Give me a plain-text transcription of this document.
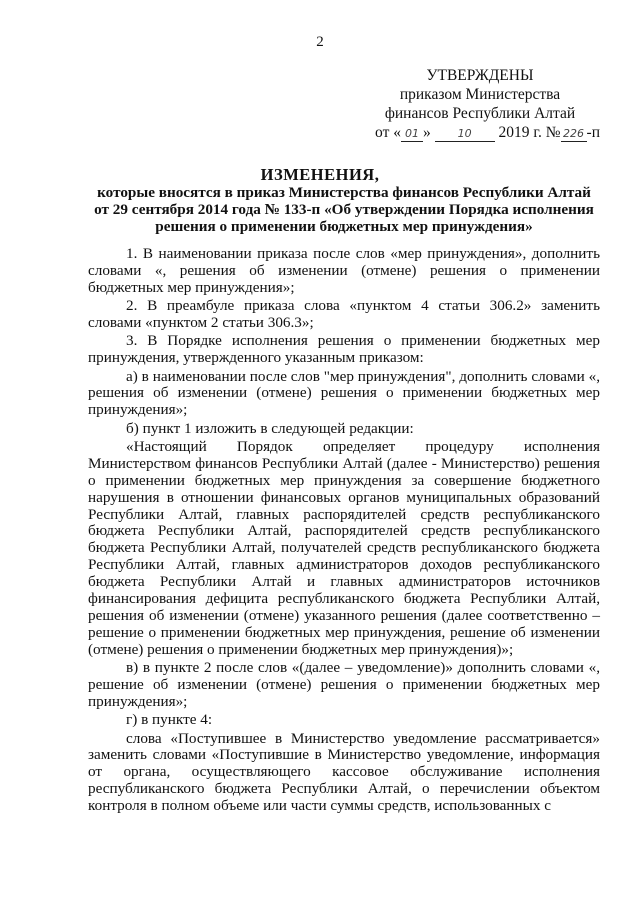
2
УТВЕРЖДЕНЫ
приказом Министерства
финансов Республики Алтай
от « 01 » 10 2019 г. № 226 -п
ИЗМЕНЕНИЯ,
которые вносятся в приказ Министерства финансов Республики Алтай
от 29 сентября 2014 года № 133-п «Об утверждении Порядка исполнения
решения о применении бюджетных мер принуждения»

1. В наименовании приказа после слов «мер принуждения», дополнить словами «, решения об изменении (отмене) решения о применении бюджетных мер принуждения»;

2. В преамбуле приказа слова «пунктом 4 статьи 306.2» заменить словами «пунктом 2 статьи 306.3»;

3. В Порядке исполнения решения о применении бюджетных мер принуждения, утвержденного указанным приказом:

а) в наименовании после слов "мер принуждения", дополнить словами «, решения об изменении (отмене) решения о применении бюджетных мер принуждения»;

б) пункт 1 изложить в следующей редакции:

«Настоящий Порядок определяет процедуру исполнения Министерством финансов Республики Алтай (далее - Министерство) решения о применении бюджетных мер принуждения за совершение бюджетного нарушения в отношении финансовых органов муниципальных образований Республики Алтай, главных распорядителей средств республиканского бюджета Республики Алтай, распорядителей средств республиканского бюджета Республики Алтай, получателей средств республиканского бюджета Республики Алтай, главных администраторов доходов республиканского бюджета Республики Алтай и главных администраторов источников финансирования дефицита республиканского бюджета Республики Алтай, решения об изменении (отмене) указанного решения (далее соответственно – решение о применении бюджетных мер принуждения, решение об изменении (отмене) решения о применении бюджетных мер принуждения)»;

в) в пункте 2 после слов «(далее – уведомление)» дополнить словами «, решение об изменении (отмене) решения о применении бюджетных мер принуждения»;

г) в пункте 4:

слова «Поступившее в Министерство уведомление рассматривается» заменить словами «Поступившие в Министерство уведомление, информация от органа, осуществляющего кассовое обслуживание исполнения республиканского бюджета Республики Алтай, о перечислении объектом контроля в полном объеме или части суммы средств, использованных с
